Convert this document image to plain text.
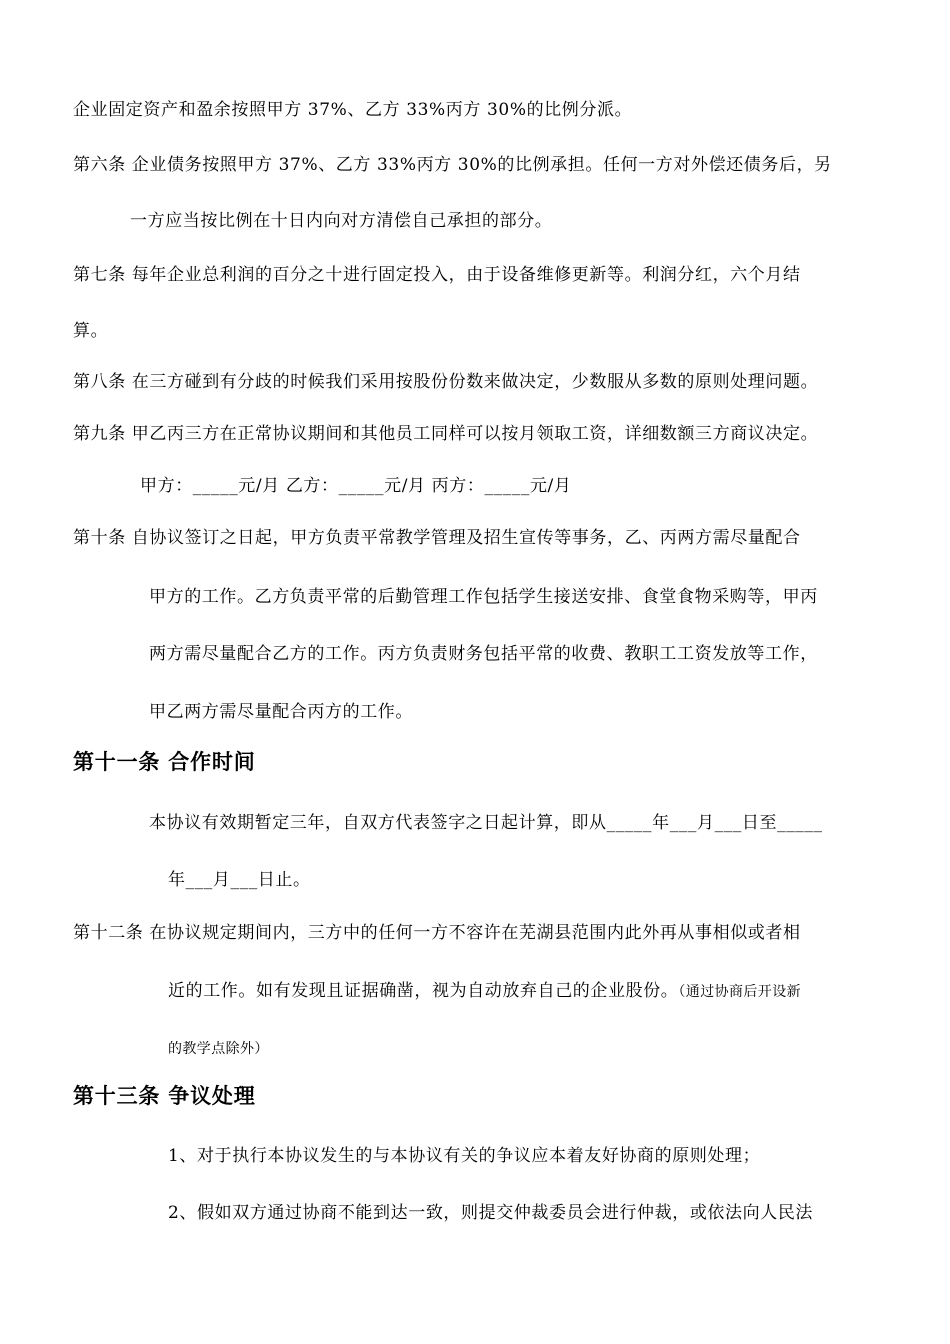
企业固定资产和盈余按照甲方 37%、乙方 33%丙方 30%的比例分派。
第六条 企业债务按照甲方 37%、乙方 33%丙方 30%的比例承担。任何一方对外偿还债务后，另
一方应当按比例在十日内向对方清偿自己承担的部分。
第七条 每年企业总利润的百分之十进行固定投入，由于设备维修更新等。利润分红，六个月结
算。
第八条 在三方碰到有分歧的时候我们采用按股份份数来做决定，少数服从多数的原则处理问题。
第九条 甲乙丙三方在正常协议期间和其他员工同样可以按月领取工资，详细数额三方商议决定。
甲方：_____元/月 乙方：_____元/月 丙方：_____元/月
第十条 自协议签订之日起，甲方负责平常教学管理及招生宣传等事务，乙、丙两方需尽量配合
甲方的工作。乙方负责平常的后勤管理工作包括学生接送安排、食堂食物采购等，甲丙
两方需尽量配合乙方的工作。丙方负责财务包括平常的收费、教职工工资发放等工作，
甲乙两方需尽量配合丙方的工作。
第十一条 合作时间
本协议有效期暂定三年，自双方代表签字之日起计算，即从_____年___月___日至_____
年___月___日止。
第十二条 在协议规定期间内，三方中的任何一方不容许在芜湖县范围内此外再从事相似或者相
近的工作。如有发现且证据确凿，视为自动放弃自己的企业股份。（通过协商后开设新
的教学点除外）
第十三条 争议处理
1、对于执行本协议发生的与本协议有关的争议应本着友好协商的原则处理；
2、假如双方通过协商不能到达一致，则提交仲裁委员会进行仲裁，或依法向人民法
